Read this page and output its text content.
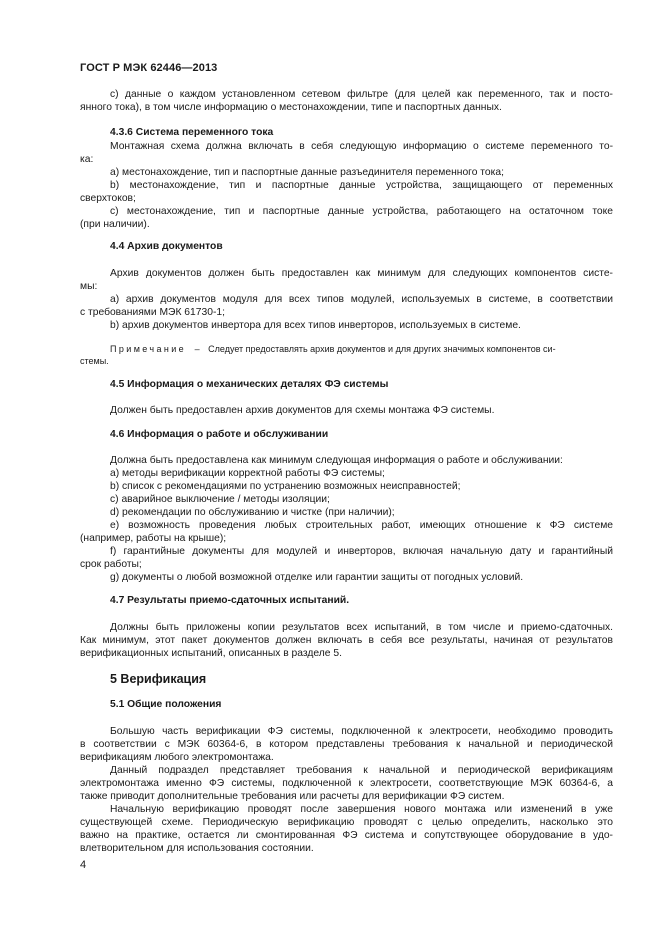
ГОСТ Р МЭК 62446—2013
с) данные о каждом установленном сетевом фильтре (для целей как переменного, так и посто-
янного тока), в том числе информацию о местонахождении, типе и паспортных данных.
4.3.6 Система переменного тока
Монтажная схема должна включать в себя следующую информацию о системе переменного то-
ка:
а) местонахождение, тип и паспортные данные разъединителя переменного тока;
b) местонахождение, тип и паспортные данные устройства, защищающего от переменных
сверхтоков;
с) местонахождение, тип и паспортные данные устройства, работающего на остаточном токе
(при наличии).
4.4 Архив документов
Архив документов должен быть предоставлен как минимум для следующих компонентов систе-
мы:
а) архив документов модуля для всех типов модулей, используемых в системе, в соответствии
с требованиями МЭК 61730-1;
b) архив документов инвертора для всех типов инверторов, используемых в системе.
Примечание – Следует предоставлять архив документов и для других значимых компонентов си-
стемы.
4.5 Информация о механических деталях ФЭ системы
Должен быть предоставлен архив документов для схемы монтажа ФЭ системы.
4.6 Информация о работе и обслуживании
Должна быть предоставлена как минимум следующая информация о работе и обслуживании:
а) методы верификации корректной работы ФЭ системы;
b) список с рекомендациями по устранению возможных неисправностей;
с) аварийное выключение / методы изоляции;
d) рекомендации по обслуживанию и чистке (при наличии);
е) возможность проведения любых строительных работ, имеющих отношение к ФЭ системе
(например, работы на крыше);
f) гарантийные документы для модулей и инверторов, включая начальную дату и гарантийный
срок работы;
g) документы о любой возможной отделке или гарантии защиты от погодных условий.
4.7 Результаты приемо-сдаточных испытаний.
Должны быть приложены копии результатов всех испытаний, в том числе и приемо-сдаточных.
Как минимум, этот пакет документов должен включать в себя все результаты, начиная от результатов
верификационных испытаний, описанных в разделе 5.
5 Верификация
5.1 Общие положения
Большую часть верификации ФЭ системы, подключенной к электросети, необходимо проводить
в соответствии с МЭК 60364-6, в котором представлены требования к начальной и периодической
верификациям любого электромонтажа.
Данный подраздел представляет требования к начальной и периодической верификациям
электромонтажа именно ФЭ системы, подключенной к электросети, соответствующие МЭК 60364-6, а
также приводит дополнительные требования или расчеты для верификации ФЭ систем.
Начальную верификацию проводят после завершения нового монтажа или изменений в уже
существующей схеме. Периодическую верификацию проводят с целью определить, насколько это
важно на практике, остается ли смонтированная ФЭ система и сопутствующее оборудование в удо-
влетворительном для использования состоянии.
4
